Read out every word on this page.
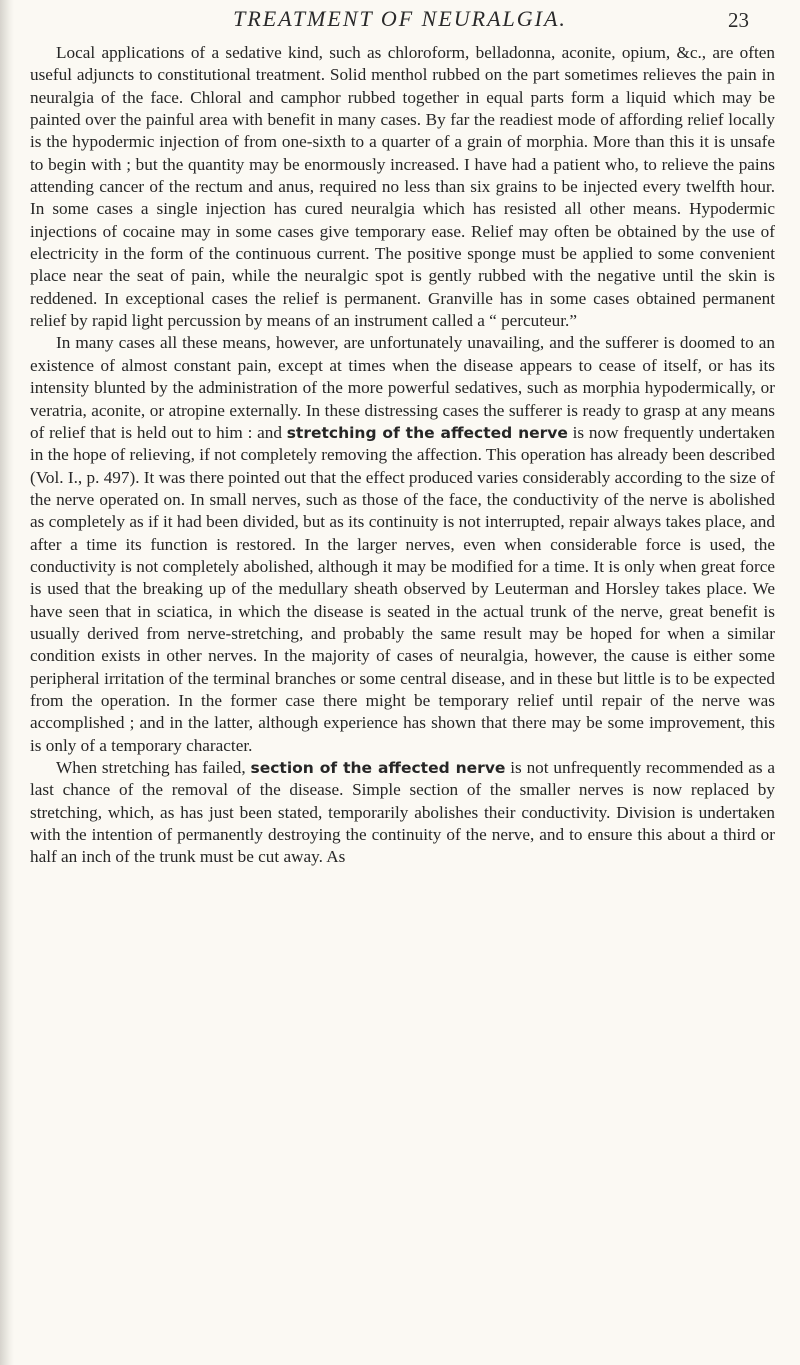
TREATMENT OF NEURALGIA.	23

Local applications of a sedative kind, such as chloroform, belladonna, aconite, opium, &c., are often useful adjuncts to constitutional treatment. Solid menthol rubbed on the part sometimes relieves the pain in neuralgia of the face. Chloral and camphor rubbed together in equal parts form a liquid which may be painted over the painful area with benefit in many cases. By far the readiest mode of affording relief locally is the hypodermic injection of from one-sixth to a quarter of a grain of morphia. More than this it is unsafe to begin with ; but the quantity may be enormously increased. I have had a patient who, to relieve the pains attending cancer of the rectum and anus, required no less than six grains to be injected every twelfth hour. In some cases a single injection has cured neuralgia which has resisted all other means. Hypodermic injections of cocaine may in some cases give temporary ease. Relief may often be obtained by the use of electricity in the form of the continuous current. The positive sponge must be applied to some convenient place near the seat of pain, while the neuralgic spot is gently rubbed with the negative until the skin is reddened. In exceptional cases the relief is permanent. Granville has in some cases obtained permanent relief by rapid light percussion by means of an instrument called a “ percuteur.”

In many cases all these means, however, are unfortunately unavailing, and the sufferer is doomed to an existence of almost constant pain, except at times when the disease appears to cease of itself, or has its intensity blunted by the administration of the more powerful sedatives, such as morphia hypodermically, or veratria, aconite, or atropine externally. In these distressing cases the sufferer is ready to grasp at any means of relief that is held out to him : and stretching of the affected nerve is now frequently undertaken in the hope of relieving, if not completely removing the affection. This operation has already been described (Vol. I., p. 497). It was there pointed out that the effect produced varies considerably according to the size of the nerve operated on. In small nerves, such as those of the face, the conductivity of the nerve is abolished as completely as if it had been divided, but as its continuity is not interrupted, repair always takes place, and after a time its function is restored. In the larger nerves, even when considerable force is used, the conductivity is not completely abolished, although it may be modified for a time. It is only when great force is used that the breaking up of the medullary sheath observed by Leuterman and Horsley takes place. We have seen that in sciatica, in which the disease is seated in the actual trunk of the nerve, great benefit is usually derived from nerve-stretching, and probably the same result may be hoped for when a similar condition exists in other nerves. In the majority of cases of neuralgia, however, the cause is either some peripheral irritation of the terminal branches or some central disease, and in these but little is to be expected from the operation. In the former case there might be temporary relief until repair of the nerve was accomplished ; and in the latter, although experience has shown that there may be some improvement, this is only of a temporary character.

When stretching has failed, section of the affected nerve is not unfrequently recommended as a last chance of the removal of the disease. Simple section of the smaller nerves is now replaced by stretching, which, as has just been stated, temporarily abolishes their conductivity. Division is undertaken with the intention of permanently destroying the continuity of the nerve, and to ensure this about a third or half an inch of the trunk must be cut away. As
